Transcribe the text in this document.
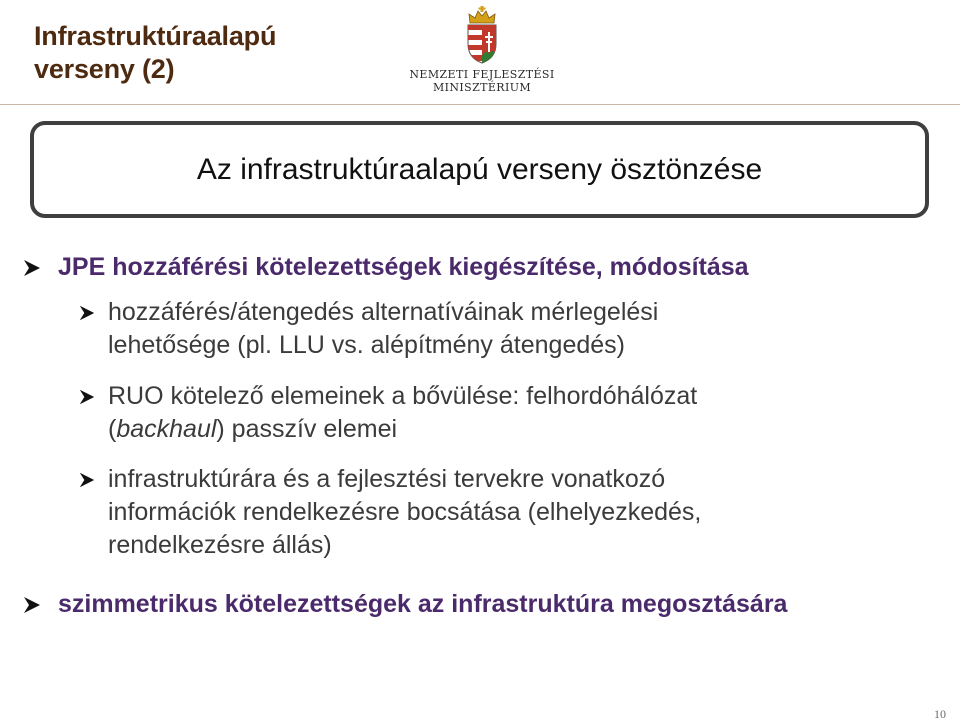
Infrastruktúraalapú
verseny (2)	NEMZETI FEJLESZTÉSI
MINISZTÉRIUM
Az infrastruktúraalapú verseny ösztönzése
JPE hozzáférési kötelezettségek kiegészítése, módosítása
hozzáférés/átengedés alternatíváinak mérlegelési
lehetősége (pl. LLU vs. alépítmény átengedés)
RUO kötelező elemeinek a bővülése: felhordóhálózat
(backhaul) passzív elemei
infrastruktúrára és a fejlesztési tervekre vonatkozó
információk rendelkezésre bocsátása (elhelyezkedés,
rendelkezésre állás)
szimmetrikus kötelezettségek az infrastruktúra megosztására
10
